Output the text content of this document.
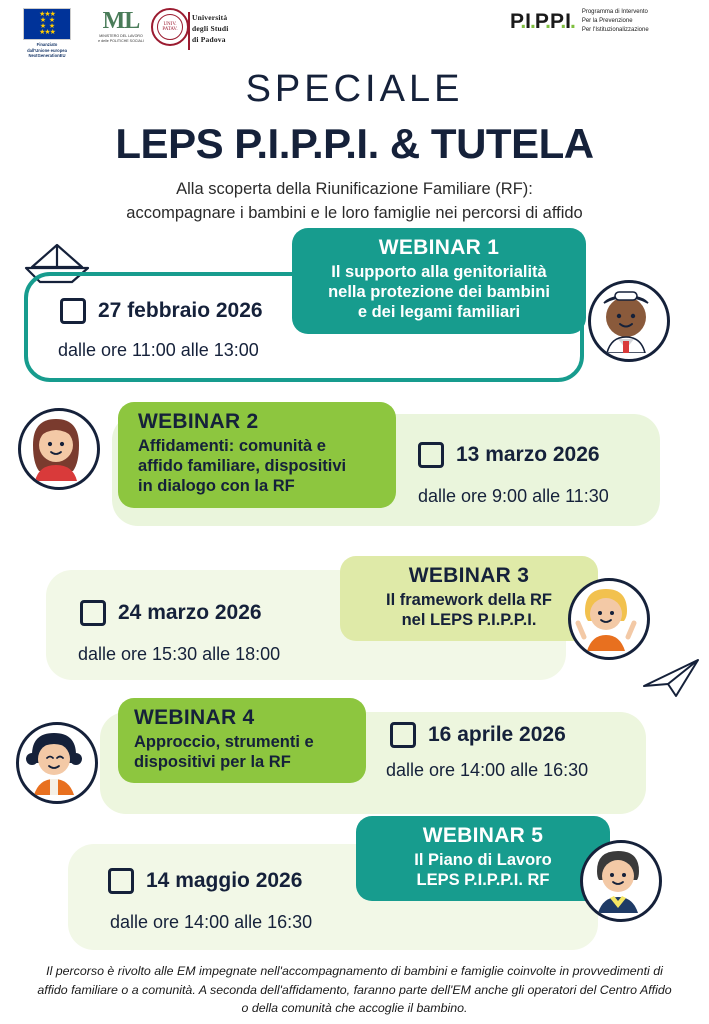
★★★
★    ★
★    ★
★★★
Finanziato
dall'Unione europea
NextGenerationEU
ML
MINISTERO DEL LAVORO
e delle POLITICHE SOCIALI
UNIV.
PATAV.
Università
degli Studi
di Padova
P.I.P.P.I. Programma di Intervento
Per la Prevenzione
Per l'Istituzionalizzazione
SPECIALE
LEPS P.I.P.P.I. & TUTELA
Alla scoperta della Riunificazione Familiare (RF):
accompagnare i bambini e le loro famiglie nei percorsi di affido
27 febbraio 2026
dalle ore 11:00 alle 13:00
WEBINAR 1
Il supporto alla genitorialità
nella protezione dei bambini
e dei legami familiari
13 marzo 2026
dalle ore 9:00 alle 11:30
WEBINAR 2
Affidamenti: comunità e
affido familiare, dispositivi
in dialogo con la RF
24 marzo 2026
dalle ore 15:30 alle 18:00
WEBINAR 3
Il framework della RF
nel LEPS P.I.P.P.I.
16 aprile 2026
dalle ore 14:00 alle 16:30
WEBINAR 4
Approccio, strumenti e
dispositivi per la RF
14 maggio 2026
dalle ore 14:00 alle 16:30
WEBINAR 5
Il Piano di Lavoro
LEPS P.I.P.P.I. RF
Il percorso è rivolto alle EM impegnate nell'accompagnamento di bambini e famiglie coinvolte in provvedimenti di affido familiare o a comunità. A seconda dell'affidamento, faranno parte dell'EM anche gli operatori del Centro Affido o della comunità che accoglie il bambino.
